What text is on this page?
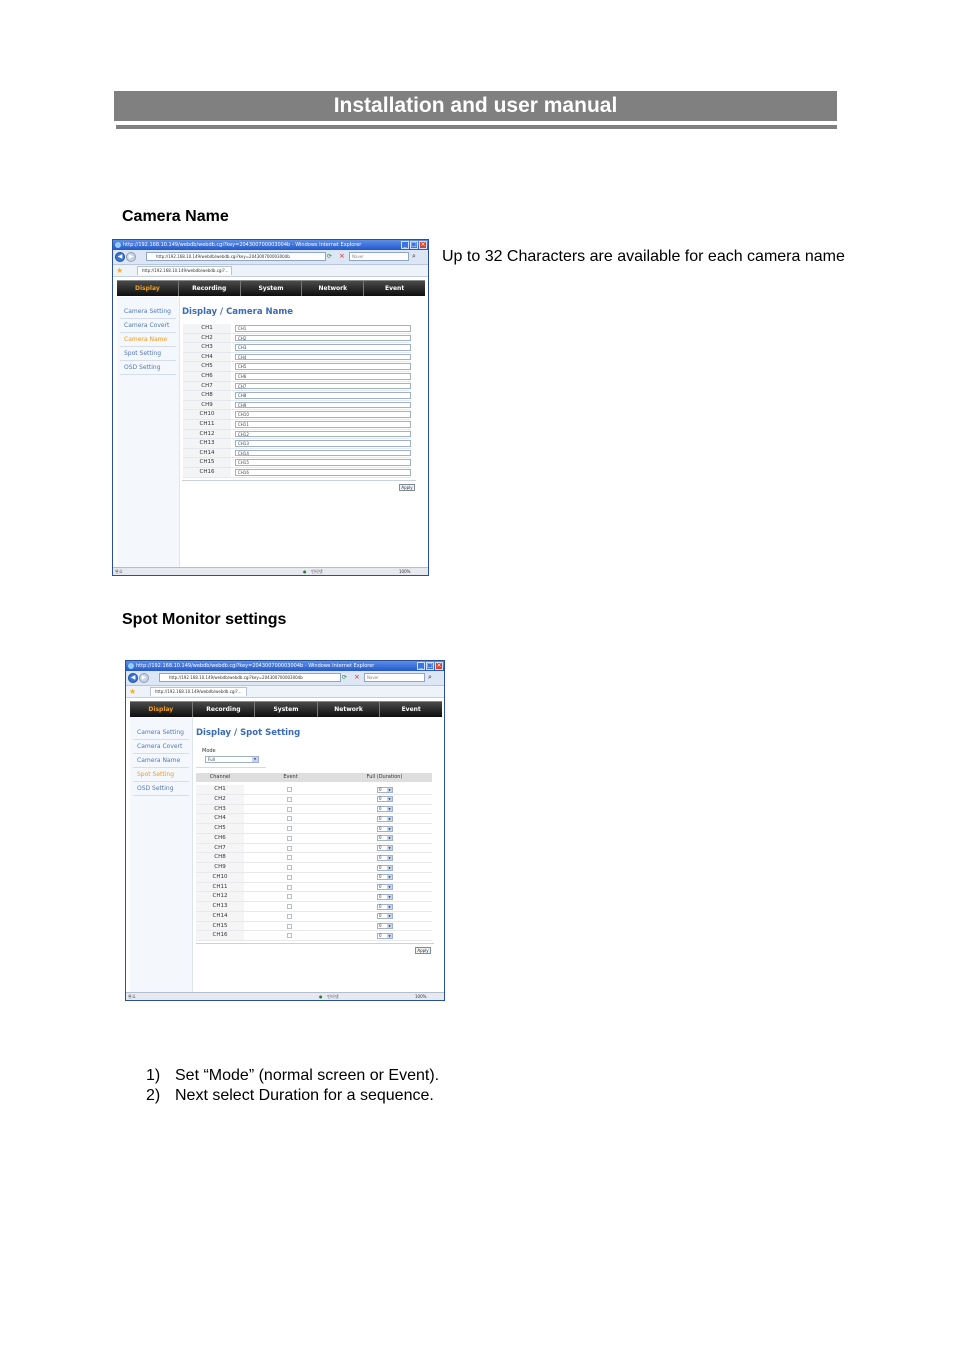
Installation and user manual
Camera Name
Up to 32 Characters are available for each camera name
http://192.168.10.149/webdb/webdb.cgi?key=204300700003004b - Windows Internet Explorer	_ □ ×
◀	▶	http://192.168.10.149/webdb/webdb.cgi?key=204300700003004b	⟳ ×	Naver	⌕
★	http://192.168.10.149/webdb/webdb.cgi?...
Display	Recording	System	Network	Event
Camera Setting
Camera Covert
Camera Name
Spot Setting
OSD Setting
Display / Camera Name
CH1	CH1
CH2	CH2
CH3	CH3
CH4	CH4
CH5	CH5
CH6	CH6
CH7	CH7
CH8	CH8
CH9	CH9
CH10	CH10
CH11	CH11
CH12	CH12
CH13	CH13
CH14	CH14
CH15	CH15
CH16	CH16
Apply
완료	● 인터넷	100%
Spot Monitor settings
http://192.168.10.149/webdb/webdb.cgi?key=204300700003004b - Windows Internet Explorer	_ □ ×
◀	▶	http://192.168.10.149/webdb/webdb.cgi?key=204300700003004b	⟳ ×	Naver	⌕
★	http://192.168.10.149/webdb/webdb.cgi?...
Display	Recording	System	Network	Event
Camera Setting
Camera Covert
Camera Name
Spot Setting
OSD Setting
Display / Spot Setting
Mode
Full	▼
Channel	Event	Full (Duration)
CH1	0	▼
CH2	0	▼
CH3	0	▼
CH4	0	▼
CH5	0	▼
CH6	0	▼
CH7	0	▼
CH8	0	▼
CH9	0	▼
CH10	0	▼
CH11	0	▼
CH12	0	▼
CH13	0	▼
CH14	0	▼
CH15	0	▼
CH16	0	▼
Apply
완료	● 인터넷	100%
1) Set “Mode” (normal screen or Event).
2) Next select Duration for a sequence.
